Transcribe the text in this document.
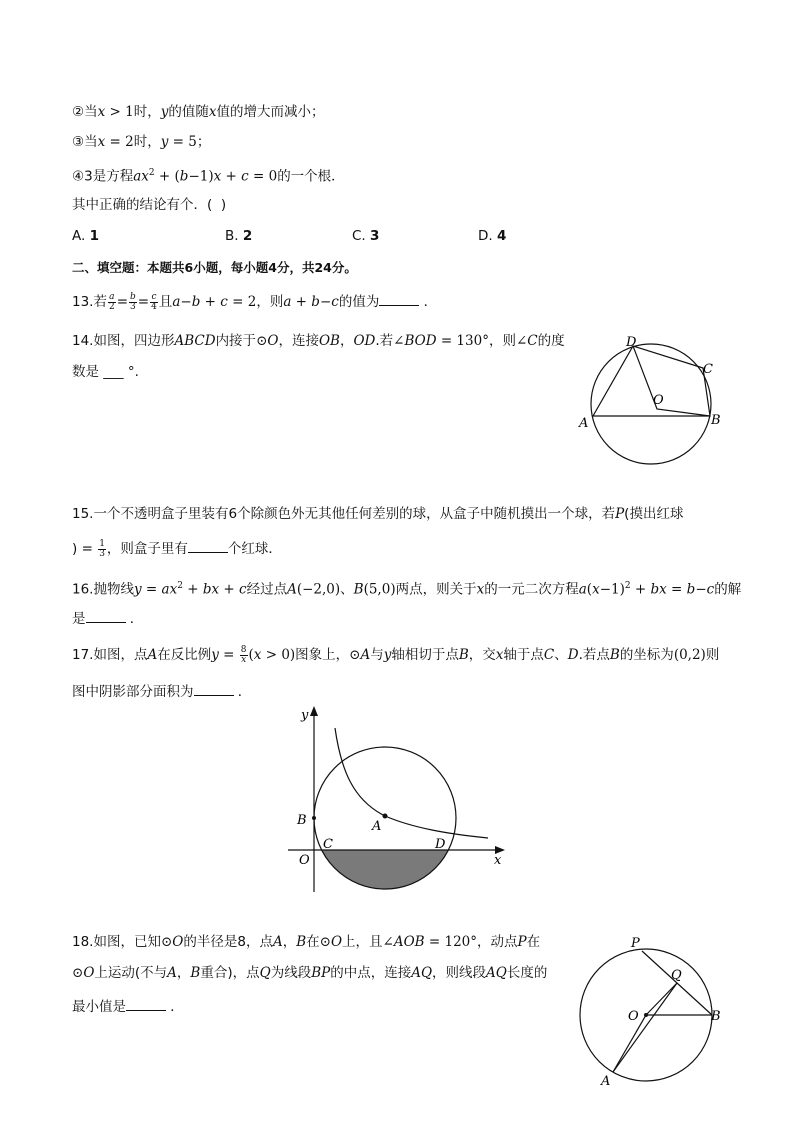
②当x > 1时，y的值随x值的增大而减小；
③当x = 2时，y = 5；
④3是方程$ax^2 + (b-1)x + c = 0$的一个根．
其中正确的结论有个．(  )
A. 1	B. 2	C. 3	D. 4
二、填空题：本题共6小题，每小题4分，共24分。
13.若 $\frac{a}{2} = \frac{b}{3} = \frac{c}{4}$ 且a−b + c = 2，则a + b−c的值为	．
14.如图，四边形ABCD内接于⊙O，连接OB，OD.若∠BOD = 130°，则∠C的度
数是 ___ °.
D
C
O
A	B
15.一个不透明盒子里装有6个除颜色外无其他任何差别的球，从盒子中随机摸出一个球，若P(摸出红球
) = $\frac{1}{3}$ ，则盒子里有	个红球．
16.抛物线$y = ax^2$ + bx + c经过点A(−2,0)、B(5,0)两点，则关于x的一元二次方程$a(x-1)^2$ + bx = b−c的解
是	．
17.如图，点A在反比例$y = \frac{8}{x} (x > 0)$图象上，⊙A与y轴相切于点B，交x轴于点C、D.若点B的坐标为(0,2)则
图中阴影部分面积为	．
y
x
B	A
C	D
O
18.如图，已知⊙O的半径是8，点A，B在⊙O上，且∠AOB = 120°，动点P在
⊙O上运动(不与A，B重合)，点Q为线段BP的中点，连接AQ，则线段AQ长度的
最小值是	．
P
Q
O	B
A
